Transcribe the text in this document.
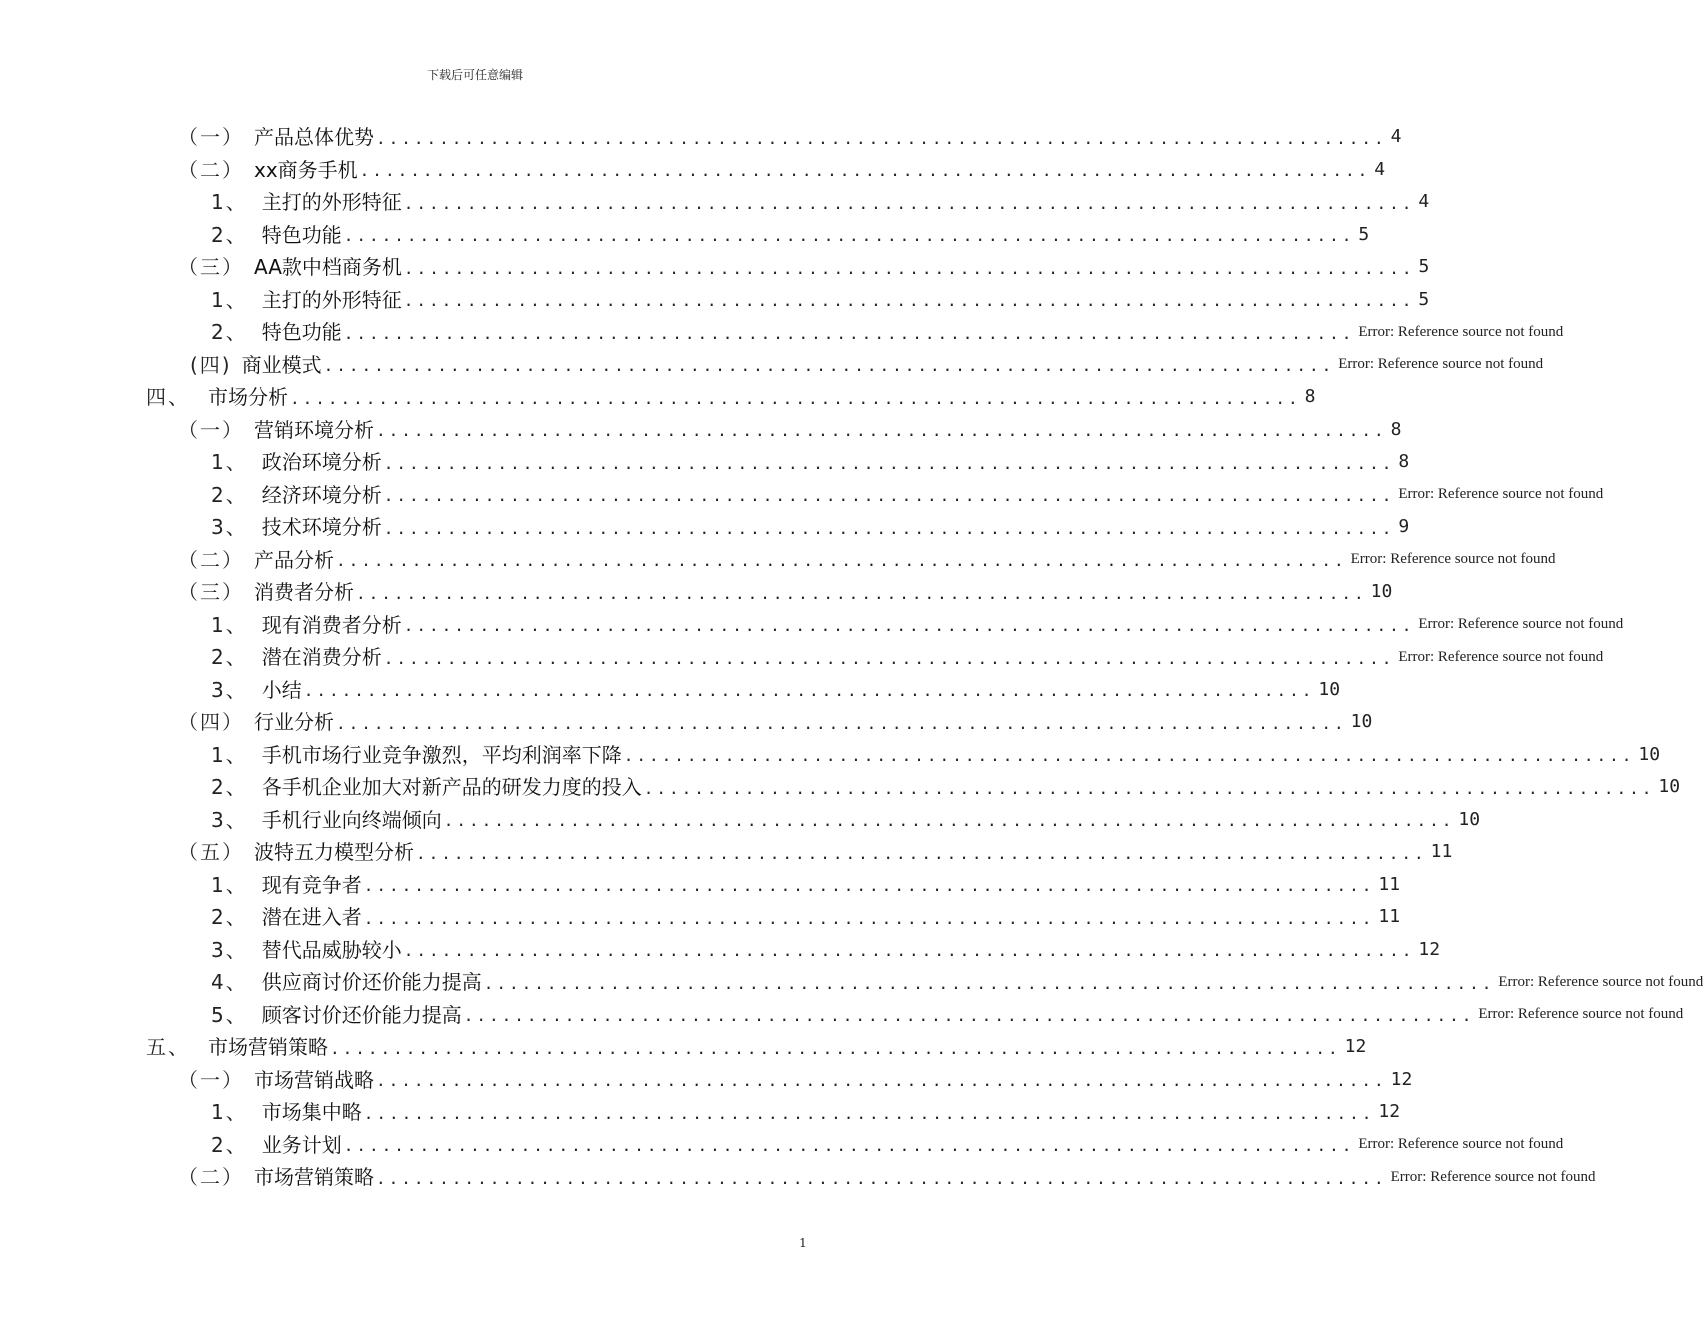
下载后可任意编辑
（一） 产品总体优势 ................................................................................ 4
（二） xx商务手机 ................................................................................ 4
1、 主打的外形特征 ................................................................................ 4
2、 特色功能 ................................................................................ 5
（三） AA款中档商务机 ................................................................................ 5
1、 主打的外形特征 ................................................................................ 5
2、 特色功能 ................................................................................ Error: Reference source not found
(四) 商业模式 ................................................................................ Error: Reference source not found
四、 市场分析 ................................................................................ 8
（一） 营销环境分析 ................................................................................ 8
1、 政治环境分析 ................................................................................ 8
2、 经济环境分析 ................................................................................ Error: Reference source not found
3、 技术环境分析 ................................................................................ 9
（二） 产品分析 ................................................................................ Error: Reference source not found
（三） 消费者分析 ................................................................................ 10
1、 现有消费者分析 ................................................................................ Error: Reference source not found
2、 潜在消费分析 ................................................................................ Error: Reference source not found
3、 小结 ................................................................................ 10
（四） 行业分析 ................................................................................ 10
1、 手机市场行业竞争激烈，平均利润率下降 ................................................................................ 10
2、 各手机企业加大对新产品的研发力度的投入 ................................................................................ 10
3、 手机行业向终端倾向 ................................................................................ 10
（五） 波特五力模型分析 ................................................................................ 11
1、 现有竞争者 ................................................................................ 11
2、 潜在进入者 ................................................................................ 11
3、 替代品威胁较小 ................................................................................ 12
4、 供应商讨价还价能力提高 ................................................................................ Error: Reference source not found
5、 顾客讨价还价能力提高 ................................................................................ Error: Reference source not found
五、 市场营销策略 ................................................................................ 12
（一） 市场营销战略 ................................................................................ 12
1、 市场集中略 ................................................................................ 12
2、 业务计划 ................................................................................ Error: Reference source not found
（二） 市场营销策略 ................................................................................ Error: Reference source not found
1
